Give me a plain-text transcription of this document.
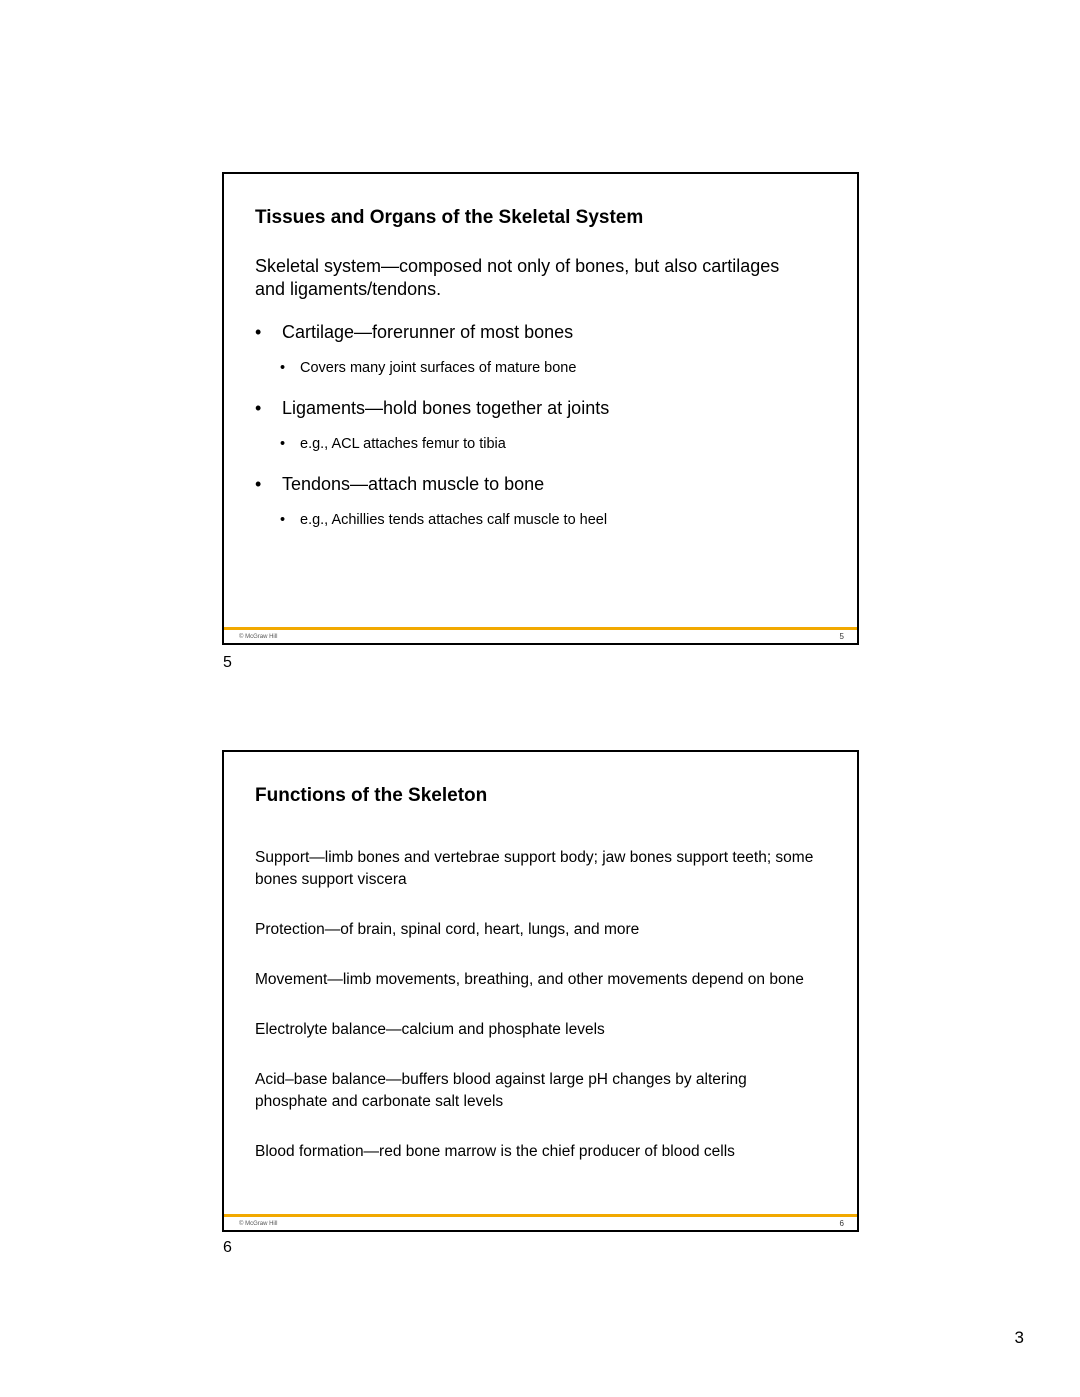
Tissues and Organs of the Skeletal System

Skeletal system—composed not only of bones, but also cartilages and ligaments/tendons.

•
Cartilage—forerunner of most bones
•
Covers many joint surfaces of mature bone
•
Ligaments—hold bones together at joints
•
e.g., ACL attaches femur to tibia
•
Tendons—attach muscle to bone
•
e.g., Achillies tends attaches calf muscle to heel
© McGraw Hill	5
5
Functions of the Skeleton

Support—limb bones and vertebrae support body; jaw bones support teeth; some bones support viscera

Protection—of brain, spinal cord, heart, lungs, and more

Movement—limb movements, breathing, and other movements depend on bone

Electrolyte balance—calcium and phosphate levels

Acid–base balance—buffers blood against large pH changes by altering phosphate and carbonate salt levels

Blood formation—red bone marrow is the chief producer of blood cells

© McGraw Hill	6
6
3
